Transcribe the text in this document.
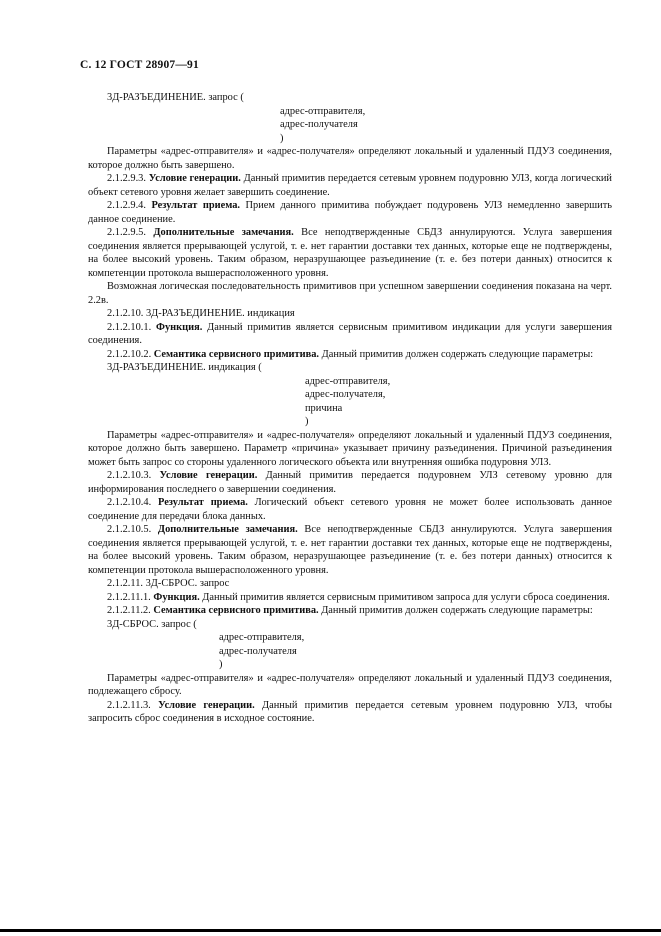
С. 12 ГОСТ 28907—91

3Д-РАЗЪЕДИНЕНИЕ. запрос (

адрес-отправителя,

адрес-получателя

)

Параметры «адрес-отправителя» и «адрес-получателя» определяют локальный и удаленный ПДУЗ соединения, которое должно быть завершено.

2.1.2.9.3. Условие генерации. Данный примитив передается сетевым уровнем подуровню УЛЗ, когда логический объект сетевого уровня желает завершить соединение.

2.1.2.9.4. Результат приема. Прием данного примитива побуждает подуровень УЛЗ немедленно завершить данное соединение.

2.1.2.9.5. Дополнительные замечания. Все неподтвержденные СБДЗ аннулируются. Услуга завершения соединения является прерывающей услугой, т. е. нет гарантии доставки тех данных, которые еще не подтверждены, на более высокий уровень. Таким образом, неразрушающее разъединение (т. е. без потери данных) относится к компетенции протокола вышерасположенного уровня.

Возможная логическая последовательность примитивов при успешном завершении соединения показана на черт. 2.2в.

2.1.2.10. 3Д-РАЗЪЕДИНЕНИЕ. индикация

2.1.2.10.1. Функция. Данный примитив является сервисным примитивом индикации для услуги завершения соединения.

2.1.2.10.2. Семантика сервисного примитива. Данный примитив должен содержать следующие параметры:

3Д-РАЗЪЕДИНЕНИЕ. индикация (

адрес-отправителя,

адрес-получателя,

причина

)

Параметры «адрес-отправителя» и «адрес-получателя» определяют локальный и удаленный ПДУЗ соединения, которое должно быть завершено. Параметр «причина» указывает причину разъединения. Причиной разъединения может быть запрос со стороны удаленного логического объекта или внутренняя ошибка подуровня УЛЗ.

2.1.2.10.3. Условие генерации. Данный примитив передается подуровнем УЛЗ сетевому уровню для информирования последнего о завершении соединения.

2.1.2.10.4. Результат приема. Логический объект сетевого уровня не может более использовать данное соединение для передачи блока данных.

2.1.2.10.5. Дополнительные замечания. Все неподтвержденные СБДЗ аннулируются. Услуга завершения соединения является прерывающей услугой, т. е. нет гарантии доставки тех данных, которые еще не подтверждены, на более высокий уровень. Таким образом, неразрушающее разъединение (т. е. без потери данных) относится к компетенции протокола вышерасположенного уровня.

2.1.2.11. 3Д-СБРОС. запрос

2.1.2.11.1. Функция. Данный примитив является сервисным примитивом запроса для услуги сброса соединения.

2.1.2.11.2. Семантика сервисного примитива. Данный примитив должен содержать следующие параметры:

3Д-СБРОС. запрос (

адрес-отправителя,

адрес-получателя

)

Параметры «адрес-отправителя» и «адрес-получателя» определяют локальный и удаленный ПДУЗ соединения, подлежащего сбросу.

2.1.2.11.3. Условие генерации. Данный примитив передается сетевым уровнем подуровню УЛЗ, чтобы запросить сброс соединения в исходное состояние.
